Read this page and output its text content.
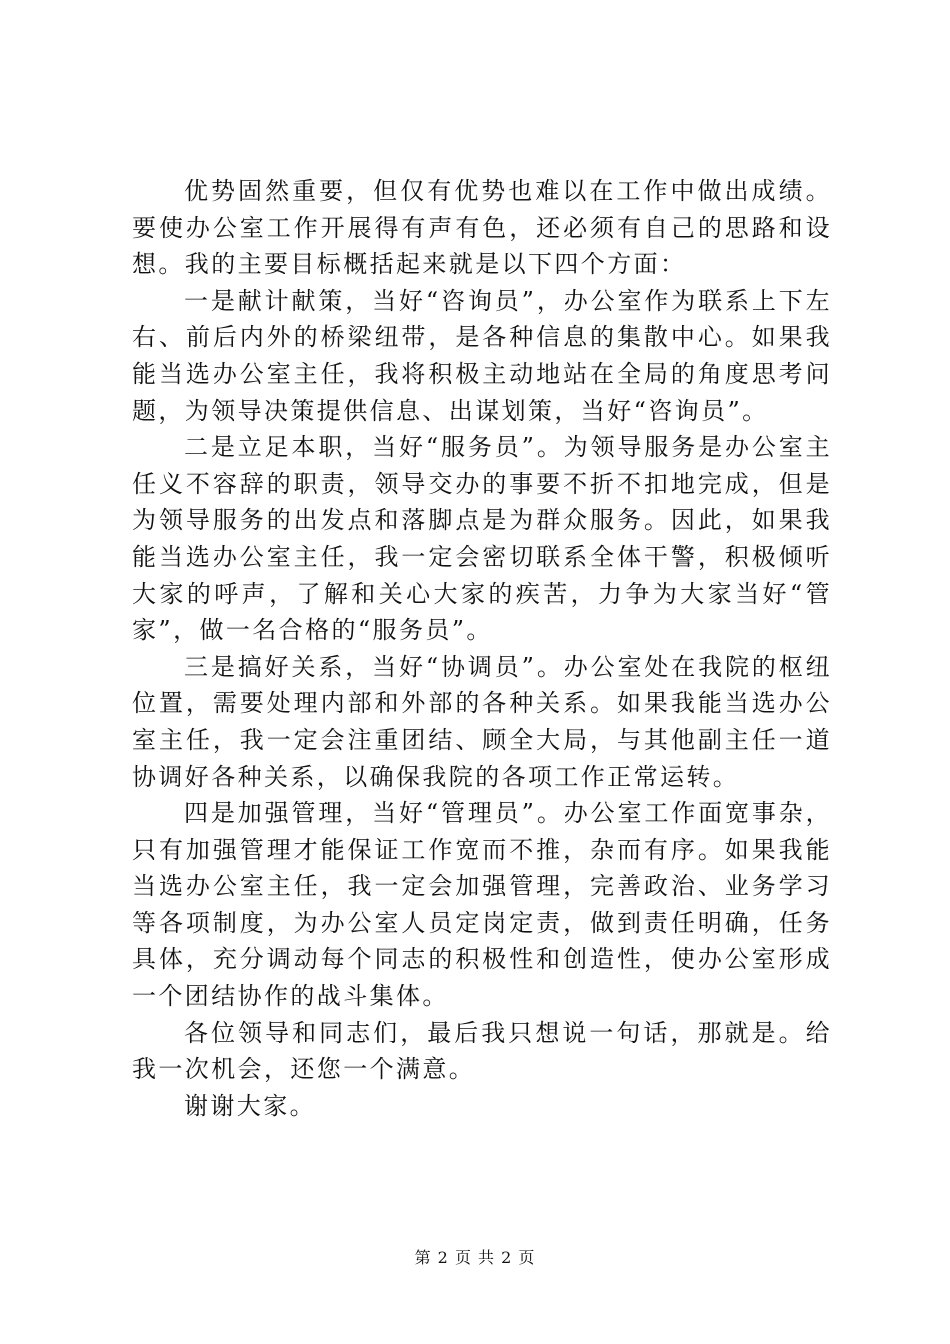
优势固然重要，但仅有优势也难以在工作中做出成绩。要使办公室工作开展得有声有色，还必须有自己的思路和设想。我的主要目标概括起来就是以下四个方面：

一是献计献策，当好“咨询员”，办公室作为联系上下左右、前后内外的桥梁纽带，是各种信息的集散中心。如果我能当选办公室主任，我将积极主动地站在全局的角度思考问题，为领导决策提供信息、出谋划策，当好“咨询员”。

二是立足本职，当好“服务员”。为领导服务是办公室主任义不容辞的职责，领导交办的事要不折不扣地完成，但是为领导服务的出发点和落脚点是为群众服务。因此，如果我能当选办公室主任，我一定会密切联系全体干警，积极倾听大家的呼声，了解和关心大家的疾苦，力争为大家当好“管家”，做一名合格的“服务员”。

三是搞好关系，当好“协调员”。办公室处在我院的枢纽位置，需要处理内部和外部的各种关系。如果我能当选办公室主任，我一定会注重团结、顾全大局，与其他副主任一道协调好各种关系，以确保我院的各项工作正常运转。

四是加强管理，当好“管理员”。办公室工作面宽事杂，只有加强管理才能保证工作宽而不推，杂而有序。如果我能当选办公室主任，我一定会加强管理，完善政治、业务学习等各项制度，为办公室人员定岗定责，做到责任明确，任务具体，充分调动每个同志的积极性和创造性，使办公室形成一个团结协作的战斗集体。

各位领导和同志们，最后我只想说一句话，那就是。给我一次机会，还您一个满意。

谢谢大家。

第 2 页 共 2 页
